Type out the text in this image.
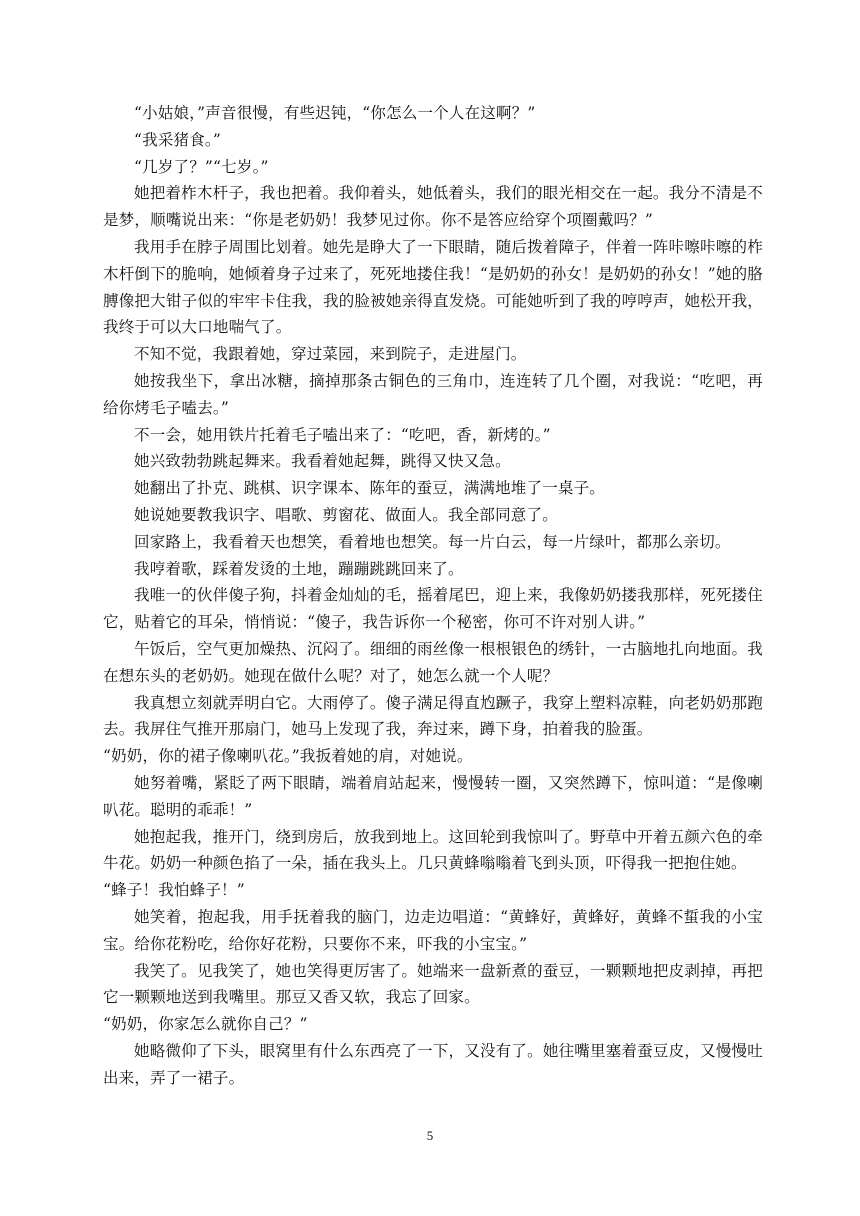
“小姑娘，”声音很慢，有些迟钝，“你怎么一个人在这啊？”

“我采猪食。”

“几岁了？”“七岁。”

她把着柞木杆子，我也把着。我仰着头，她低着头，我们的眼光相交在一起。我分不清是不是梦，顺嘴说出来：“你是老奶奶！我梦见过你。你不是答应给穿个项圈戴吗？”

我用手在脖子周围比划着。她先是睁大了一下眼睛，随后拨着障子，伴着一阵咔嚓咔嚓的柞木杆倒下的脆响，她倾着身子过来了，死死地搂住我！“是奶奶的孙女！是奶奶的孙女！”她的胳膊像把大钳子似的牢牢卡住我，我的脸被她亲得直发烧。可能她听到了我的哼哼声，她松开我，我终于可以大口地喘气了。

不知不觉，我跟着她，穿过菜园，来到院子，走进屋门。

她按我坐下，拿出冰糖，摘掉那条古铜色的三角巾，连连转了几个圈，对我说：“吃吧，再给你烤毛子嗑去。”

不一会，她用铁片托着毛子嗑出来了：“吃吧，香，新烤的。”

她兴致勃勃跳起舞来。我看着她起舞，跳得又快又急。

她翻出了扑克、跳棋、识字课本、陈年的蚕豆，满满地堆了一桌子。

她说她要教我识字、唱歌、剪窗花、做面人。我全部同意了。

回家路上，我看着天也想笑，看着地也想笑。每一片白云，每一片绿叶，都那么亲切。

我哼着歌，踩着发烫的土地，蹦蹦跳跳回来了。

我唯一的伙伴傻子狗，抖着金灿灿的毛，摇着尾巴，迎上来，我像奶奶搂我那样，死死搂住它，贴着它的耳朵，悄悄说：“傻子，我告诉你一个秘密，你可不许对别人讲。”

午饭后，空气更加燥热、沉闷了。细细的雨丝像一根根银色的绣针，一古脑地扎向地面。我在想东头的老奶奶。她现在做什么呢？对了，她怎么就一个人呢？

我真想立刻就弄明白它。大雨停了。傻子满足得直尥蹶子，我穿上塑料凉鞋，向老奶奶那跑去。我屏住气推开那扇门，她马上发现了我，奔过来，蹲下身，拍着我的脸蛋。

“奶奶，你的裙子像喇叭花。”我扳着她的肩，对她说。

她努着嘴，紧眨了两下眼睛，端着肩站起来，慢慢转一圈，又突然蹲下，惊叫道：“是像喇叭花。聪明的乖乖！”

她抱起我，推开门，绕到房后，放我到地上。这回轮到我惊叫了。野草中开着五颜六色的牵牛花。奶奶一种颜色掐了一朵，插在我头上。几只黄蜂嗡嗡着飞到头顶，吓得我一把抱住她。

“蜂子！我怕蜂子！”

她笑着，抱起我，用手抚着我的脑门，边走边唱道：“黄蜂好，黄蜂好，黄蜂不蜇我的小宝宝。给你花粉吃，给你好花粉，只要你不来，吓我的小宝宝。”

我笑了。见我笑了，她也笑得更厉害了。她端来一盘新煮的蚕豆，一颗颗地把皮剥掉，再把它一颗颗地送到我嘴里。那豆又香又软，我忘了回家。

“奶奶，你家怎么就你自己？”

她略微仰了下头，眼窝里有什么东西亮了一下，又没有了。她往嘴里塞着蚕豆皮，又慢慢吐出来，弄了一裙子。

5
